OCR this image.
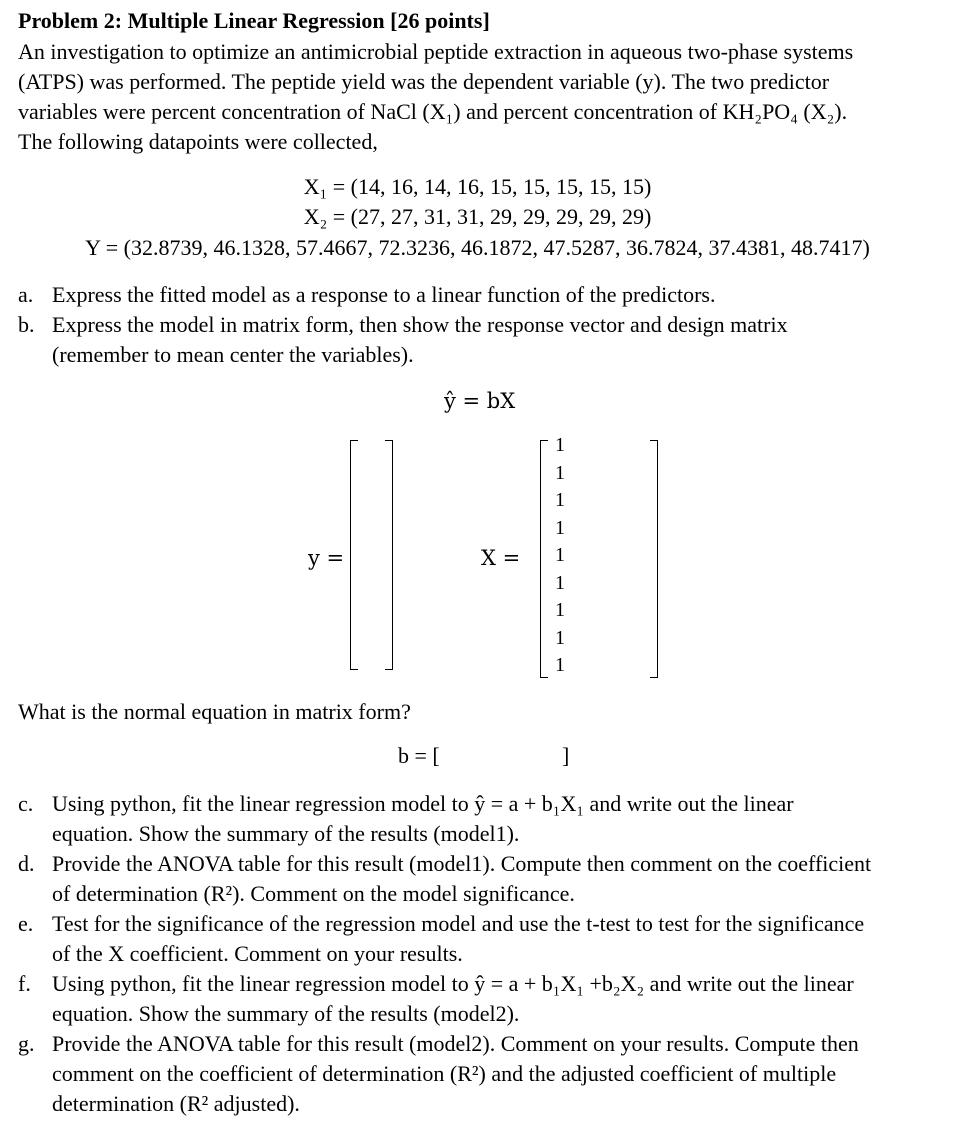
Problem 2: Multiple Linear Regression [26 points]
An investigation to optimize an antimicrobial peptide extraction in aqueous two-phase systems
(ATPS) was performed. The peptide yield was the dependent variable (y). The two predictor
variables were percent concentration of NaCl (X₁) and percent concentration of KH₂PO₄ (X₂).
The following datapoints were collected,
X₁ = (14, 16, 14, 16, 15, 15, 15, 15, 15)
X₂ = (27, 27, 31, 31, 29, 29, 29, 29, 29)
Y = (32.8739, 46.1328, 57.4667, 72.3236, 46.1872, 47.5287, 36.7824, 37.4381, 48.7417)
a. Express the fitted model as a response to a linear function of the predictors.
b. Express the model in matrix form, then show the response vector and design matrix
(remember to mean center the variables).
ŷ = bX
y =	X =
1
1
1
1
1
1
1
1
1
What is the normal equation in matrix form?
b = [	]
c. Using python, fit the linear regression model to ŷ = a + b₁X₁ and write out the linear
equation. Show the summary of the results (model1).
d. Provide the ANOVA table for this result (model1). Compute then comment on the coefficient
of determination (R²). Comment on the model significance.
e. Test for the significance of the regression model and use the t-test to test for the significance
of the X coefficient. Comment on your results.
f. Using python, fit the linear regression model to ŷ = a + b₁X₁ +b₂X₂ and write out the linear
equation. Show the summary of the results (model2).
g. Provide the ANOVA table for this result (model2). Comment on your results. Compute then
comment on the coefficient of determination (R²) and the adjusted coefficient of multiple
determination (R² adjusted).
